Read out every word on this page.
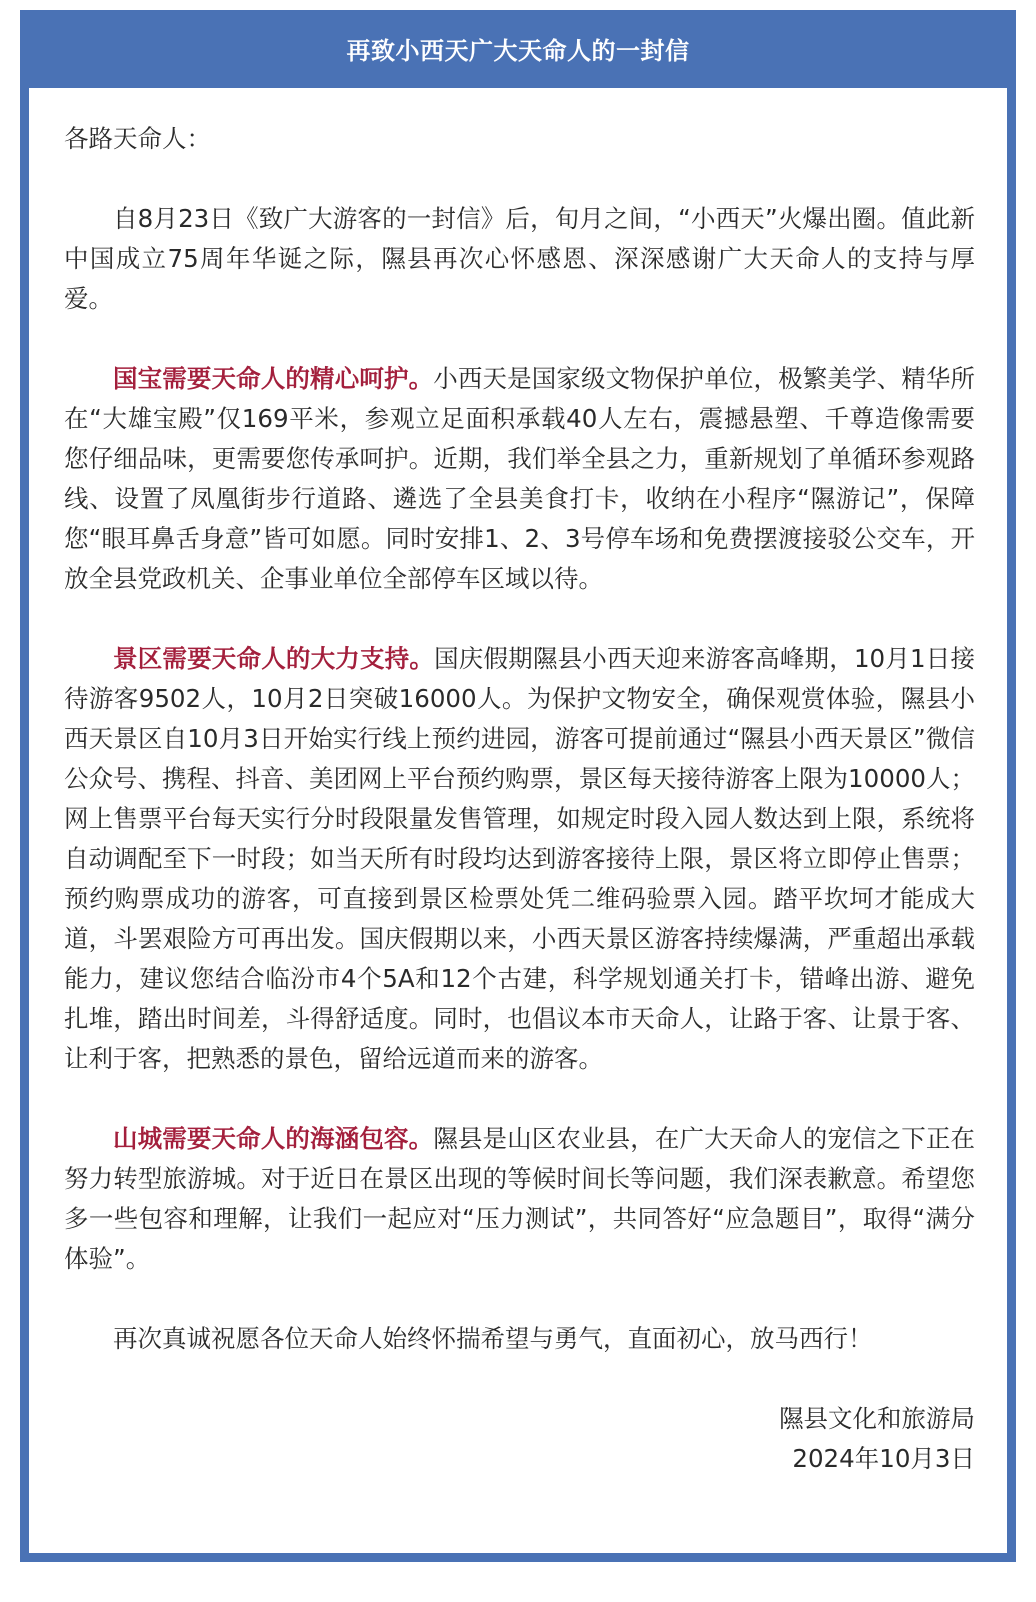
再致小西天广大天命人的一封信

各路天命人：

自8月23日《致广大游客的一封信》后，旬月之间，“小西天”火爆出圈。值此新中国成立75周年华诞之际，隰县再次心怀感恩、深深感谢广大天命人的支持与厚爱。

国宝需要天命人的精心呵护。小西天是国家级文物保护单位，极繁美学、精华所在“大雄宝殿”仅169平米，参观立足面积承载40人左右，震撼悬塑、千尊造像需要您仔细品味，更需要您传承呵护。近期，我们举全县之力，重新规划了单循环参观路线、设置了凤凰街步行道路、遴选了全县美食打卡，收纳在小程序“隰游记”，保障您“眼耳鼻舌身意”皆可如愿。同时安排1、2、3号停车场和免费摆渡接驳公交车，开放全县党政机关、企事业单位全部停车区域以待。

景区需要天命人的大力支持。国庆假期隰县小西天迎来游客高峰期，10月1日接待游客9502人，10月2日突破16000人。为保护文物安全，确保观赏体验，隰县小西天景区自10月3日开始实行线上预约进园，游客可提前通过“隰县小西天景区”微信公众号、携程、抖音、美团网上平台预约购票，景区每天接待游客上限为10000人；网上售票平台每天实行分时段限量发售管理，如规定时段入园人数达到上限，系统将自动调配至下一时段；如当天所有时段均达到游客接待上限，景区将立即停止售票；预约购票成功的游客，可直接到景区检票处凭二维码验票入园。踏平坎坷才能成大道，斗罢艰险方可再出发。国庆假期以来，小西天景区游客持续爆满，严重超出承载能力，建议您结合临汾市4个5A和12个古建，科学规划通关打卡，错峰出游、避免扎堆，踏出时间差，斗得舒适度。同时，也倡议本市天命人，让路于客、让景于客、让利于客，把熟悉的景色，留给远道而来的游客。

山城需要天命人的海涵包容。隰县是山区农业县，在广大天命人的宠信之下正在努力转型旅游城。对于近日在景区出现的等候时间长等问题，我们深表歉意。希望您多一些包容和理解，让我们一起应对“压力测试”，共同答好“应急题目”，取得“满分体验”。

再次真诚祝愿各位天命人始终怀揣希望与勇气，直面初心，放马西行！

隰县文化和旅游局

2024年10月3日
